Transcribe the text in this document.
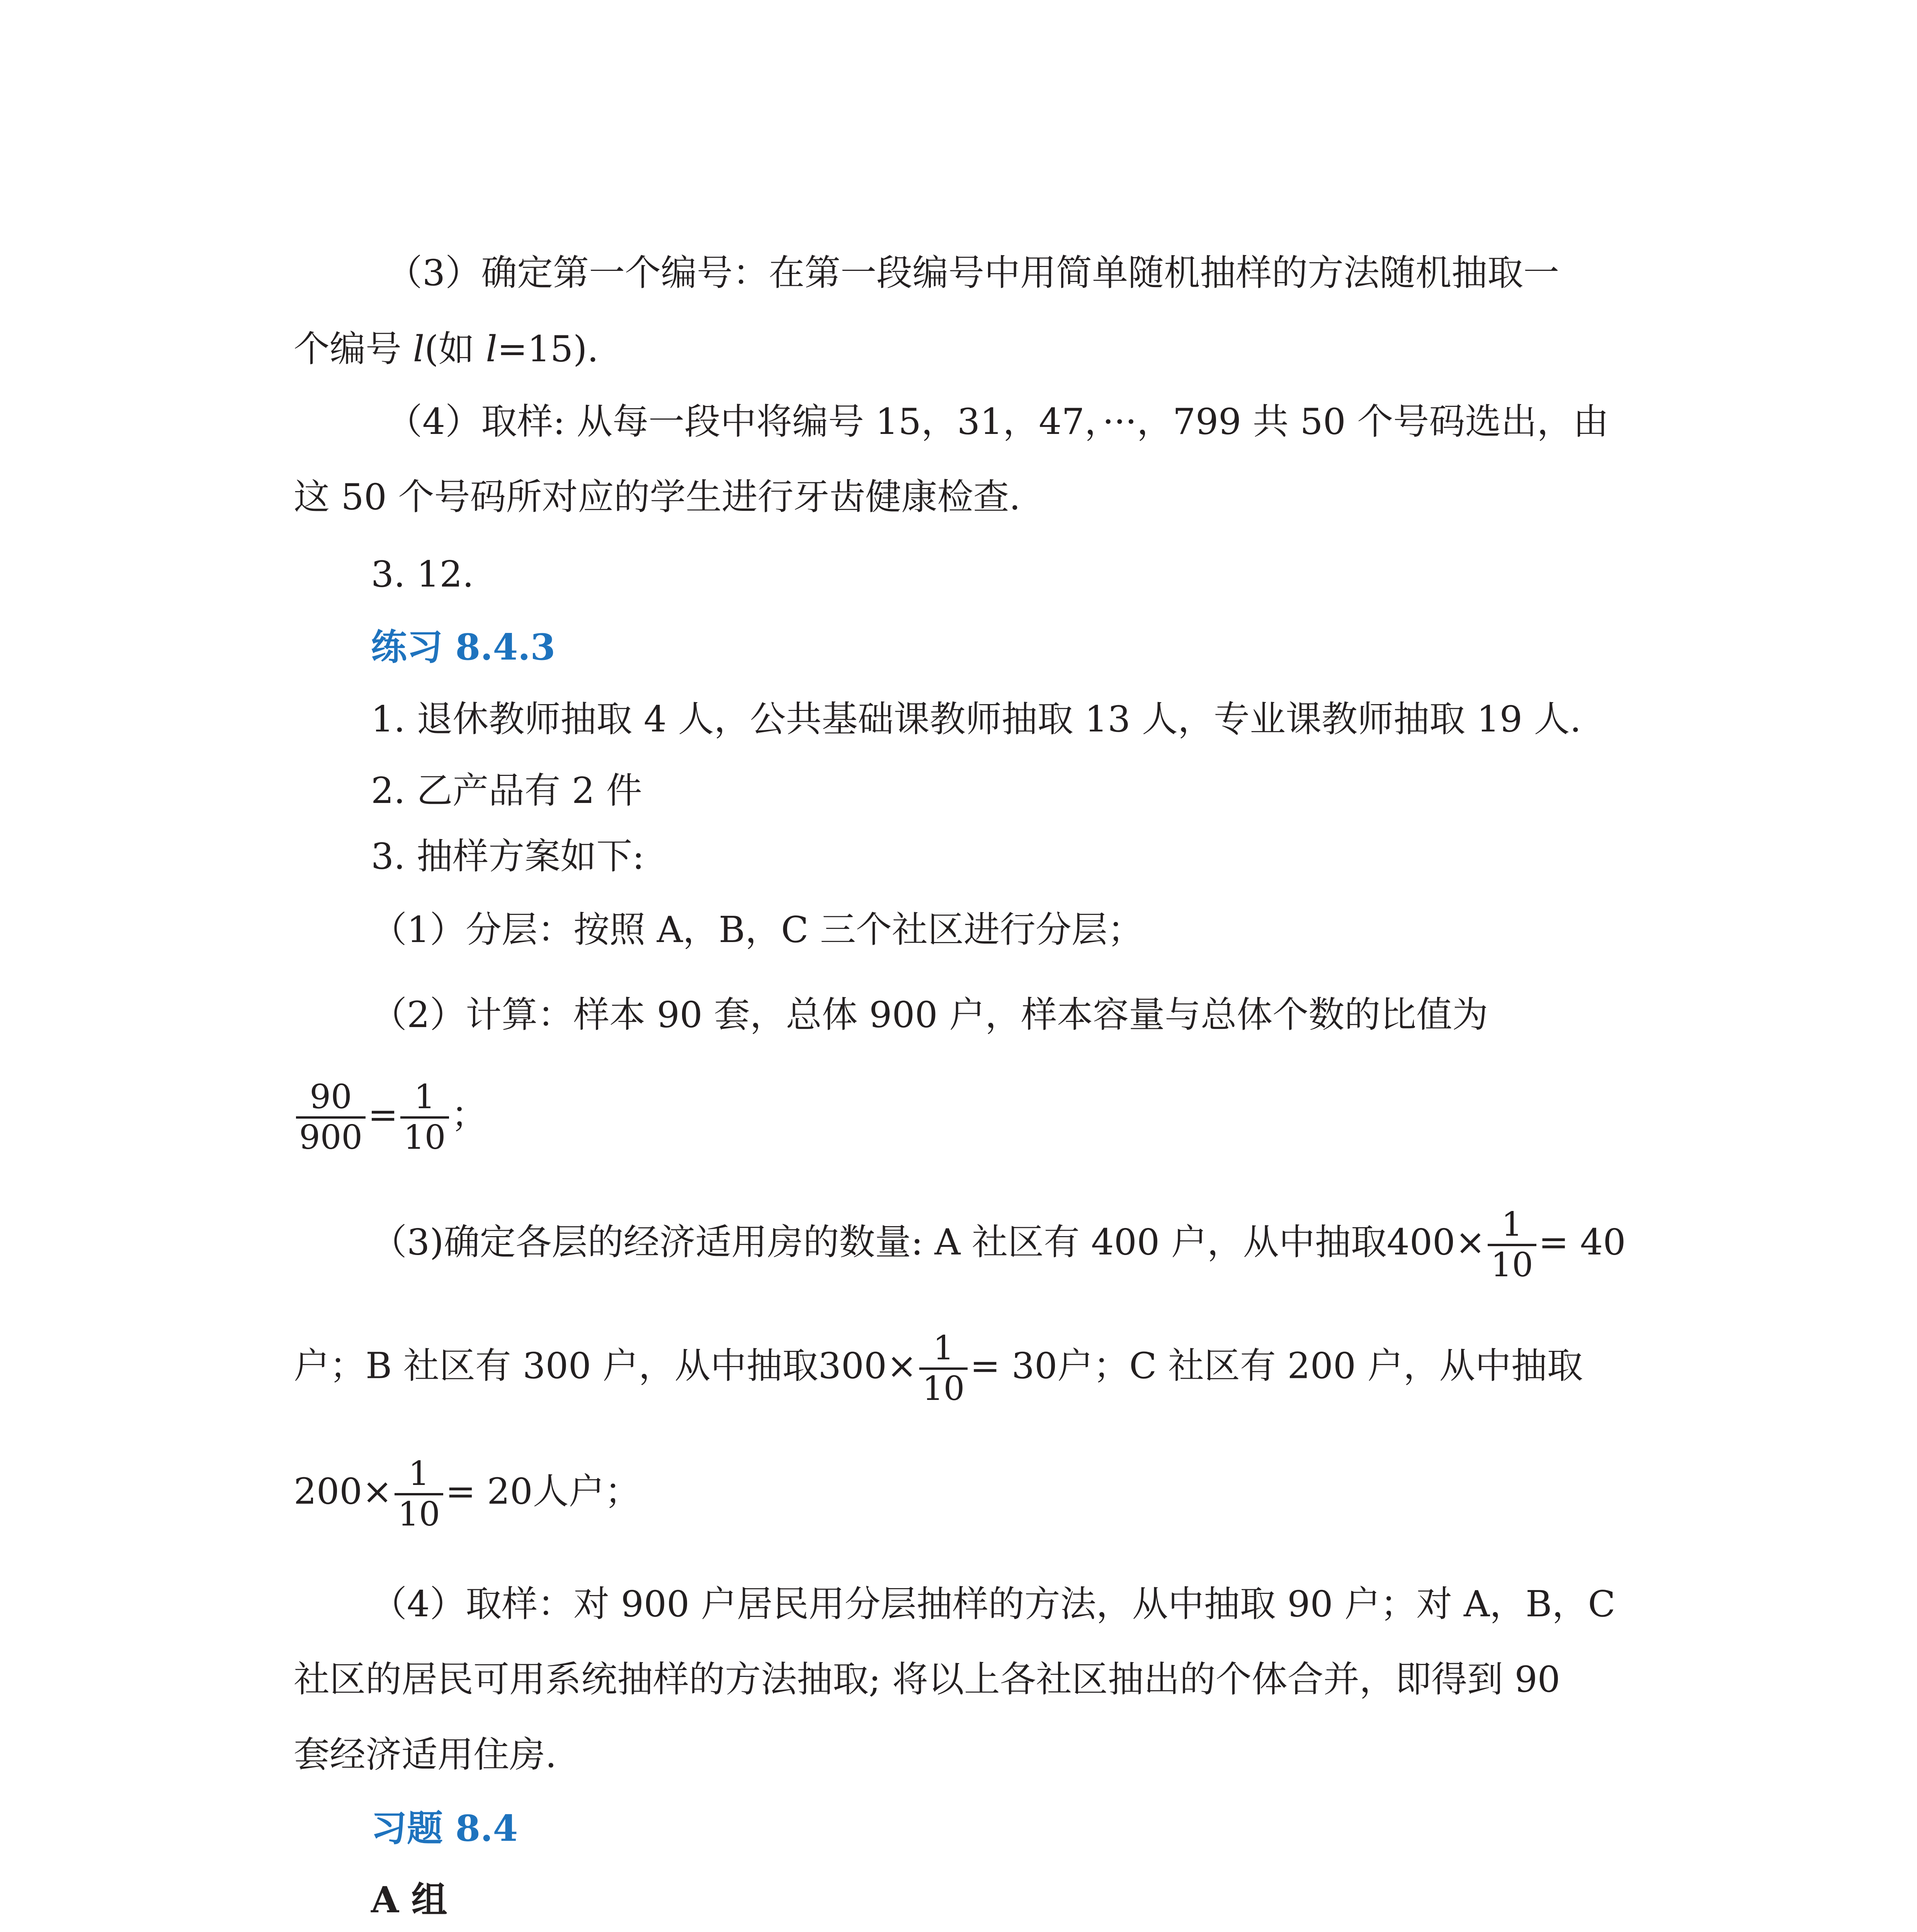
（3）确定第一个编号：在第一段编号中用简单随机抽样的方法随机抽取一
个编号 l(如 l=15).
（4）取样: 从每一段中将编号 15，31，47，···，799 共 50 个号码选出，由
这 50 个号码所对应的学生进行牙齿健康检查.
3. 12.
练习 8.4.3
1. 退休教师抽取 4 人，公共基础课教师抽取 13 人，专业课教师抽取 19 人.
2. 乙产品有 2 件
3. 抽样方案如下:
（1）分层：按照 A，B，C 三个社区进行分层；
（2）计算：样本 90 套，总体 900 户，样本容量与总体个数的比值为
$\frac{90}{900} = \frac{1}{10}$ ；
（3)确定各层的经济适用房的数量: A 社区有 400 户，从中抽取$400\times \frac{1}{10} = 40$
户；B 社区有 300 户，从中抽取$300\times \frac{1}{10} = 30$户；C 社区有 200 户，从中抽取
$200\times \frac{1}{10} = 20$人户；
（4）取样：对 900 户居民用分层抽样的方法，从中抽取 90 户；对 A，B，C
社区的居民可用系统抽样的方法抽取; 将以上各社区抽出的个体合并，即得到 90
套经济适用住房.
习题 8.4
A 组
